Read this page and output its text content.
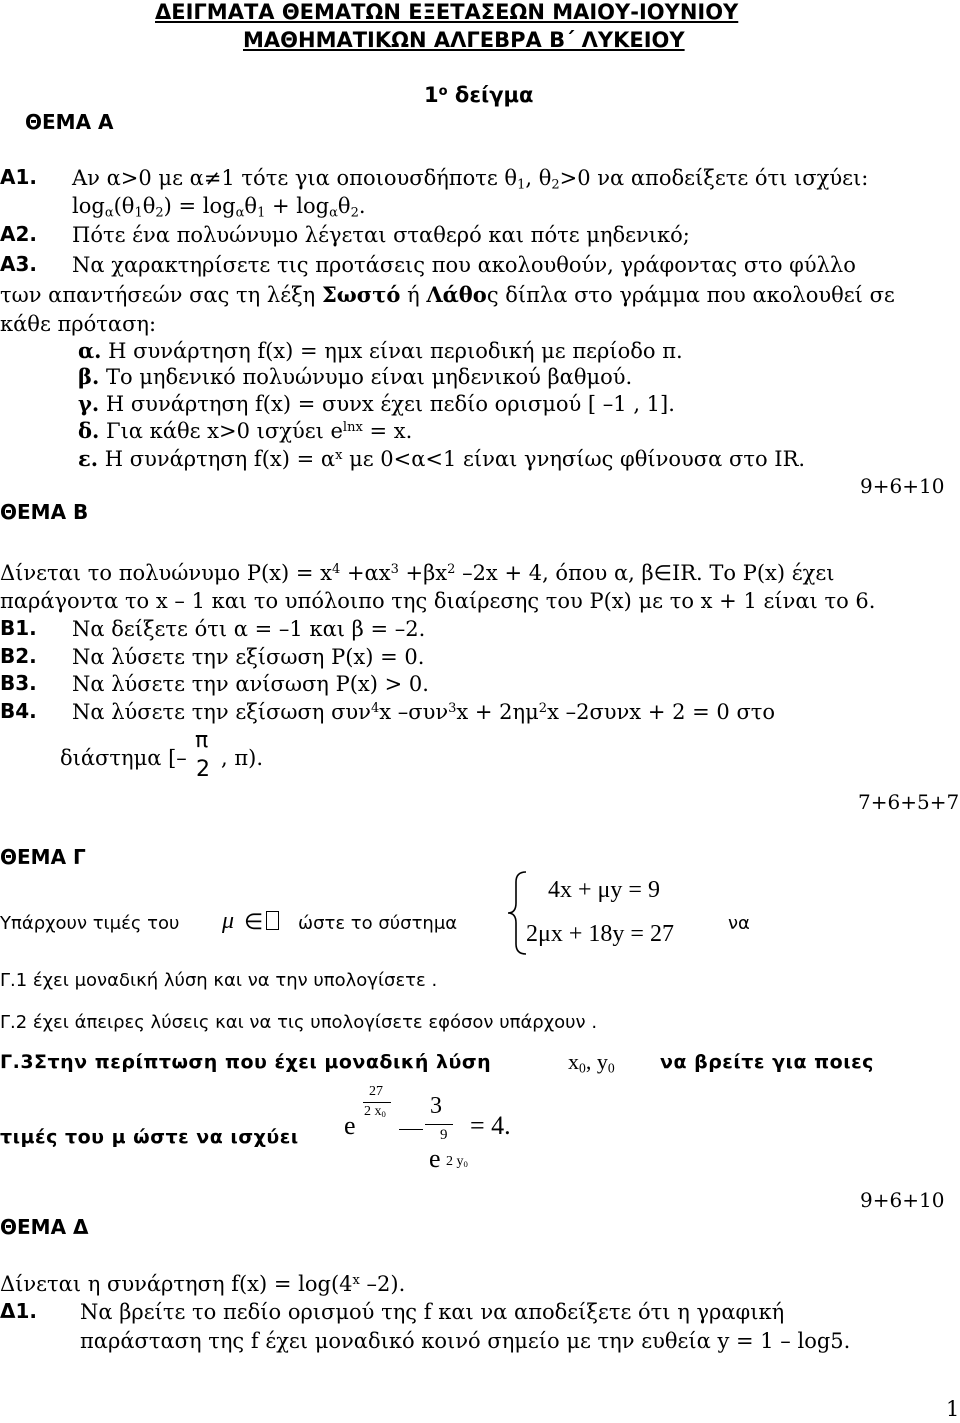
ΔΕΙΓΜΑΤΑ ΘΕΜΑΤΩΝ ΕΞΕΤΑΣΕΩΝ ΜΑΙΟΥ-ΙΟΥΝΙΟΥ
ΜΑΘΗΜΑΤΙΚΩΝ ΑΛΓΕΒΡΑ Β΄ ΛΥΚΕΙΟΥ
$1^o$ δείγμα
ΘΕΜΑ Α
Α1. Αν α>0 με α≠1 τότε για οποιουσδήποτε $\theta_1$, $\theta_2>0$ να αποδείξετε ότι ισχύει:
$\log_\alpha(\theta_1\theta_2) = \log_\alpha\theta_1 + \log_\alpha\theta_2$.
Α2. Πότε ένα πολυώνυμο λέγεται σταθερό και πότε μηδενικό;
Α3. Να χαρακτηρίσετε τις προτάσεις που ακολουθούν, γράφοντας στο φύλλο
των απαντήσεών σας τη λέξη Σωστό ή Λάθος δίπλα στο γράμμα που ακολουθεί σε
κάθε πρόταση:
α. Η συνάρτηση f(x) = ημx είναι περιοδική με περίοδο π.
β. Το μηδενικό πολυώνυμο είναι μηδενικού βαθμού.
γ. Η συνάρτηση f(x) = συνx έχει πεδίο ορισμού [ –1 , 1].
δ. Για κάθε x>0 ισχύει $e^{lnx} = x$.
ε. Η συνάρτηση $f(x) = \alpha^x$ με 0<α<1 είναι γνησίως φθίνουσα στο IR.
9+6+10
ΘΕΜΑ Β
Δίνεται το πολυώνυμο $P(x) = x^4 +\alpha x^3 +\beta x^2$ –2x + 4, όπου α, β∈IR. Το P(x) έχει
παράγοντα το x – 1 και το υπόλοιπο της διαίρεσης του P(x) με το x + 1 είναι το 6.
Β1. Να δείξετε ότι α = –1 και β = –2.
Β2. Να λύσετε την εξίσωση P(x) = 0.
Β3. Να λύσετε την ανίσωση P(x) > 0.
Β4. Να λύσετε την εξίσωση συν$^4$x $-\sigma\upsilon\nu^3x + 2\eta\mu^2x$ –2συνx + 2 = 0 στο
διάστημα [–
π
2 , π).
7+6+5+7
ΘΕΜΑ Γ
Υπάρχουν τιμές του μ ∈ ώστε το σύστημα
4x + μy = 9
2μx + 18y = 27	να
Γ.1 έχει μοναδική λύση και να την υπολογίσετε .
Γ.2 έχει άπειρες λύσεις και να τις υπολογίσετε εφόσον υπάρχουν .
Γ.3Στην περίπτωση που έχει μοναδική λύση	$x_0$, $y_0$ να βρείτε για ποιες
τιμές του μ ώστε να ισχύει e
27
2 $x_0$ 3
9
e 2 $y_0$
= 4.
9+6+10
ΘΕΜΑ Δ
Δίνεται η συνάρτηση $f(x) = \log(4^x$ –2).
Δ1. Να βρείτε το πεδίο ορισμού της f και να αποδείξετε ότι η γραφική
παράσταση της f έχει μοναδικό κοινό σημείο με την ευθεία y = 1 – log5.
1
